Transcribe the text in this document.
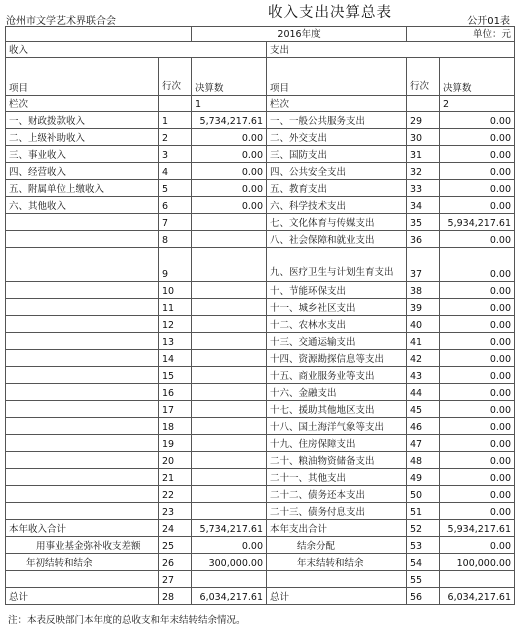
沧州市文学艺术界联合会
收入支出决算总表
公开01表
		2016年度		单位：元	
收入			支出		
项目	行次	决算数	项目	行次	决算数
栏次		1	栏次		2
一、财政拨款收入	1	5,734,217.61	一、一般公共服务支出	29	0.00
二、上级补助收入	2	0.00	二、外交支出	30	0.00
三、事业收入	3	0.00	三、国防支出	31	0.00
四、经营收入	4	0.00	四、公共安全支出	32	0.00
五、附属单位上缴收入	5	0.00	五、教育支出	33	0.00
六、其他收入	6	0.00	六、科学技术支出	34	0.00
	7		七、文化体育与传媒支出	35	5,934,217.61
	8		八、社会保障和就业支出	36	0.00
	9		九、医疗卫生与计划生育支出	37	0.00
	10		十、节能环保支出	38	0.00
	11		十一、城乡社区支出	39	0.00
	12		十二、农林水支出	40	0.00
	13		十三、交通运输支出	41	0.00
	14		十四、资源勘探信息等支出	42	0.00
	15		十五、商业服务业等支出	43	0.00
	16		十六、金融支出	44	0.00
	17		十七、援助其他地区支出	45	0.00
	18		十八、国土海洋气象等支出	46	0.00
	19		十九、住房保障支出	47	0.00
	20		二十、粮油物资储备支出	48	0.00
	21		二十一、其他支出	49	0.00
	22		二十二、债务还本支出	50	0.00
	23		二十三、债务付息支出	51	0.00
本年收入合计	24	5,734,217.61	本年支出合计	52	5,934,217.61
用事业基金弥补收支差额	25	0.00	结余分配	53	0.00
年初结转和结余	26	300,000.00	年末结转和结余	54	100,000.00
	27			55	
总计	28	6,034,217.61	总计	56	6,034,217.61
注：本表反映部门本年度的总收支和年末结转结余情况。
